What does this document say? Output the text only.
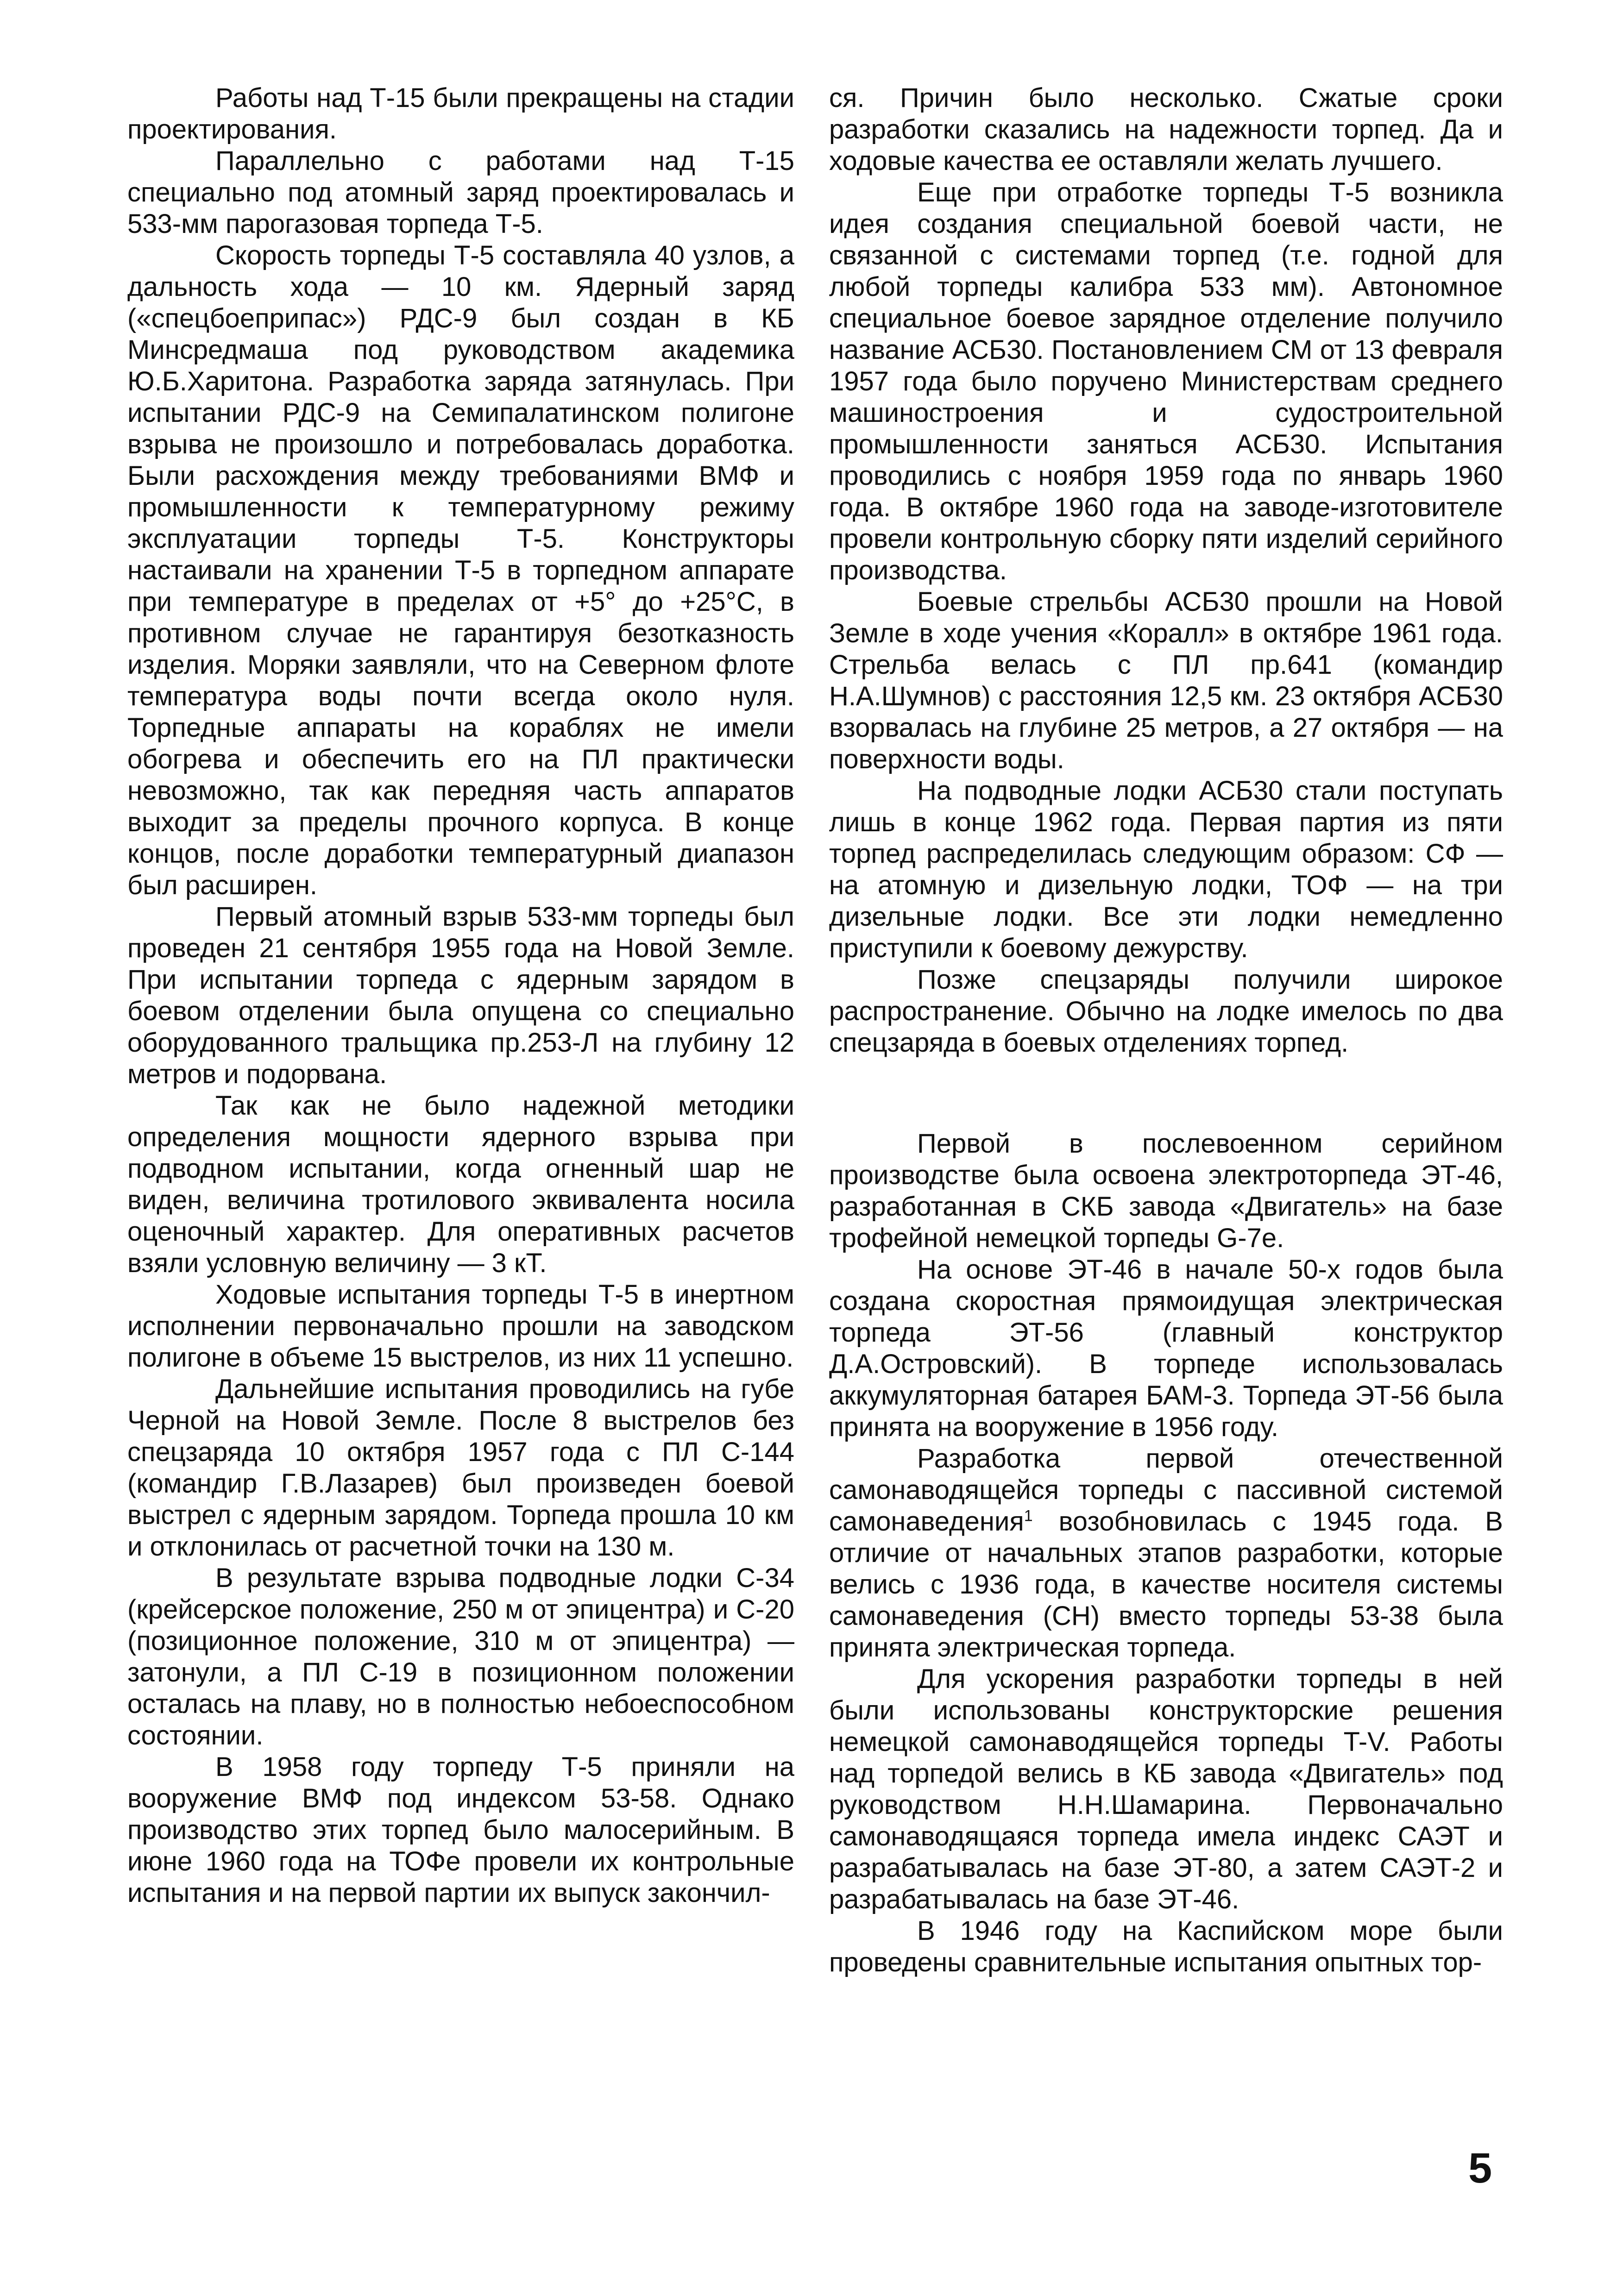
Работы над Т-15 были прекращены на стадии проектирования.

Параллельно с работами над Т-15 специально под атомный заряд проектировалась и 533-мм парогазовая торпеда Т-5.

Скорость торпеды Т-5 составляла 40 узлов, а дальность хода — 10 км. Ядерный заряд («спецбоеприпас») РДС-9 был создан в КБ Минсредмаша под руководством академика Ю.Б.Харитона. Разработка заряда затянулась. При испытании РДС-9 на Семипалатинском полигоне взрыва не произошло и потребовалась доработка. Были расхождения между требованиями ВМФ и промышленности к температурному режиму эксплуатации торпеды Т-5. Конструкторы настаивали на хранении Т-5 в торпедном аппарате при температуре в пределах от +5° до +25°С, в противном случае не гарантируя безотказность изделия. Моряки заявляли, что на Северном флоте температура воды почти всегда около нуля. Торпедные аппараты на кораблях не имели обогрева и обеспечить его на ПЛ практически невозможно, так как передняя часть аппаратов выходит за пределы прочного корпуса. В конце концов, после доработки температурный диапазон был расширен.

Первый атомный взрыв 533-мм торпеды был проведен 21 сентября 1955 года на Новой Земле. При испытании торпеда с ядерным зарядом в боевом отделении была опущена со специально оборудованного тральщика пр.253-Л на глубину 12 метров и подорвана.

Так как не было надежной методики определения мощности ядерного взрыва при подводном испытании, когда огненный шар не виден, величина тротилового эквивалента носила оценочный характер. Для оперативных расчетов взяли условную величину — 3 кТ.

Ходовые испытания торпеды Т-5 в инертном исполнении первоначально прошли на заводском полигоне в объеме 15 выстрелов, из них 11 успешно.

Дальнейшие испытания проводились на губе Черной на Новой Земле. После 8 выстрелов без спецзаряда 10 октября 1957 года с ПЛ С-144 (командир Г.В.Лазарев) был произведен боевой выстрел с ядерным зарядом. Торпеда прошла 10 км и отклонилась от расчетной точки на 130 м.

В результате взрыва подводные лодки С-34 (крейсерское положение, 250 м от эпицентра) и С-20 (позиционное положение, 310 м от эпицентра) — затонули, а ПЛ С-19 в позиционном положении осталась на плаву, но в полностью небоеспособном состоянии.

В 1958 году торпеду Т-5 приняли на вооружение ВМФ под индексом 53-58. Однако производство этих торпед было малосерийным. В июне 1960 года на ТОФе провели их контрольные испытания и на первой партии их выпуск закончил-

ся. Причин было несколько. Сжатые сроки разработки сказались на надежности торпед. Да и ходовые качества ее оставляли желать лучшего.

Еще при отработке торпеды Т-5 возникла идея создания специальной боевой части, не связанной с системами торпед (т.е. годной для любой торпеды калибра 533 мм). Автономное специальное боевое зарядное отделение получило название АСБ30. Постановлением СМ от 13 февраля 1957 года было поручено Министерствам среднего машиностроения и судостроительной промышленности заняться АСБ30. Испытания проводились с ноября 1959 года по январь 1960 года. В октябре 1960 года на заводе-изготовителе провели контрольную сборку пяти изделий серийного производства.

Боевые стрельбы АСБ30 прошли на Новой Земле в ходе учения «Коралл» в октябре 1961 года. Стрельба велась с ПЛ пр.641 (командир Н.А.Шумнов) с расстояния 12,5 км. 23 октября АСБ30 взорвалась на глубине 25 метров, а 27 октября — на поверхности воды.

На подводные лодки АСБ30 стали поступать лишь в конце 1962 года. Первая партия из пяти торпед распределилась следующим образом: СФ — на атомную и дизельную лодки, ТОФ — на три дизельные лодки. Все эти лодки немедленно приступили к боевому дежурству.

Позже спецзаряды получили широкое распространение. Обычно на лодке имелось по два спецзаряда в боевых отделениях торпед.

Первой в послевоенном серийном производстве была освоена электроторпеда ЭТ-46, разработанная в СКБ завода «Двигатель» на базе трофейной немецкой торпеды G-7е.

На основе ЭТ-46 в начале 50-х годов была создана скоростная прямоидущая электрическая торпеда ЭТ-56 (главный конструктор Д.А.Островский). В торпеде использовалась аккумуляторная батарея БАМ-3. Торпеда ЭТ-56 была принята на вооружение в 1956 году.

Разработка первой отечественной самонаводящейся торпеды с пассивной системой самонаведения$^1$ возобновилась с 1945 года. В отличие от начальных этапов разработки, которые велись с 1936 года, в качестве носителя системы самонаведения (СН) вместо торпеды 53-38 была принята электрическая торпеда.

Для ускорения разработки торпеды в ней были использованы конструкторские решения немецкой самонаводящейся торпеды T-V. Работы над торпедой велись в КБ завода «Двигатель» под руководством Н.Н.Шамарина. Первоначально самонаводящаяся торпеда имела индекс САЭТ и разрабатывалась на базе ЭТ-80, а затем САЭТ-2 и разрабатывалась на базе ЭТ-46.

В 1946 году на Каспийском море были проведены сравнительные испытания опытных тор-

5
